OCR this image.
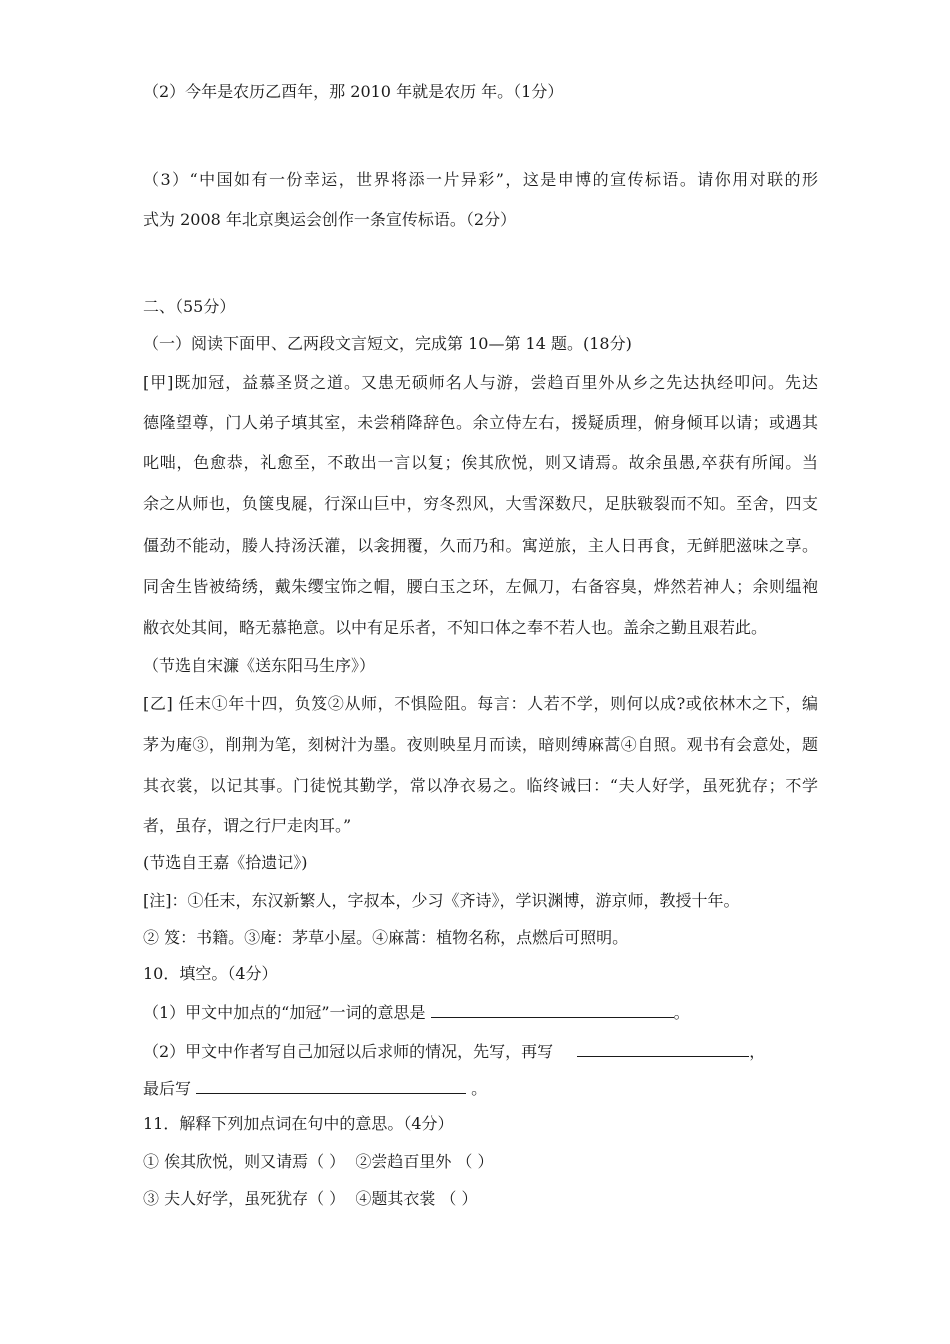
（2）今年是农历乙酉年，那 2010 年就是农历 年。（1分）
（3）“中国如有一份幸运，世界将添一片异彩”，这是申博的宣传标语。请你用对联的形
式为 2008 年北京奥运会创作一条宣传标语。（2分）
二、（55分）
（一）阅读下面甲、乙两段文言短文，完成第 10—第 14 题。(18分)
[甲]既加冠，益慕圣贤之道。又患无硕师名人与游，尝趋百里外从乡之先达执经叩问。先达
德隆望尊，门人弟子填其室，未尝稍降辞色。余立侍左右，援疑质理，俯身倾耳以请；或遇其
叱咄，色愈恭，礼愈至，不敢出一言以复；俟其欣悦，则又请焉。故余虽愚,卒获有所闻。当
余之从师也，负箧曳屣，行深山巨中，穷冬烈风，大雪深数尺，足肤皲裂而不知。至舍，四支
僵劲不能动，媵人持汤沃灌，以衾拥覆，久而乃和。寓逆旅，主人日再食，无鲜肥滋味之享。
同舍生皆被绮绣，戴朱缨宝饰之帽，腰白玉之环，左佩刀，右备容臭，烨然若神人；余则缊袍
敝衣处其间，略无慕艳意。以中有足乐者，不知口体之奉不若人也。盖余之勤且艰若此。
（节选自宋濂《送东阳马生序》）
[乙] 任末①年十四，负笈②从师，不惧险阻。每言：人若不学，则何以成?或依林木之下，编
茅为庵③，削荆为笔，刻树汁为墨。夜则映星月而读，暗则缚麻蒿④自照。观书有会意处，题
其衣裳，以记其事。门徒悦其勤学，常以净衣易之。临终诫曰：“夫人好学，虽死犹存；不学
者，虽存，谓之行尸走肉耳。”
(节选自王嘉《拾遗记》)
[注]：①任末，东汉新繁人，字叔本，少习《齐诗》，学识渊博，游京师，教授十年。
② 笈：书籍。③庵：茅草小屋。④麻蒿：植物名称，点燃后可照明。
10．填空。（4分）
（1）甲文中加点的“加冠”一词的意思是	。
（2）甲文中作者写自己加冠以后求师的情况，先写，再写	，
最后写	。
11．解释下列加点词在句中的意思。（4分）
① 俟其欣悦，则又请焉（ ）  ②尝趋百里外 （ ）
③ 夫人好学，虽死犹存（ ）  ④题其衣裳 （ ）
